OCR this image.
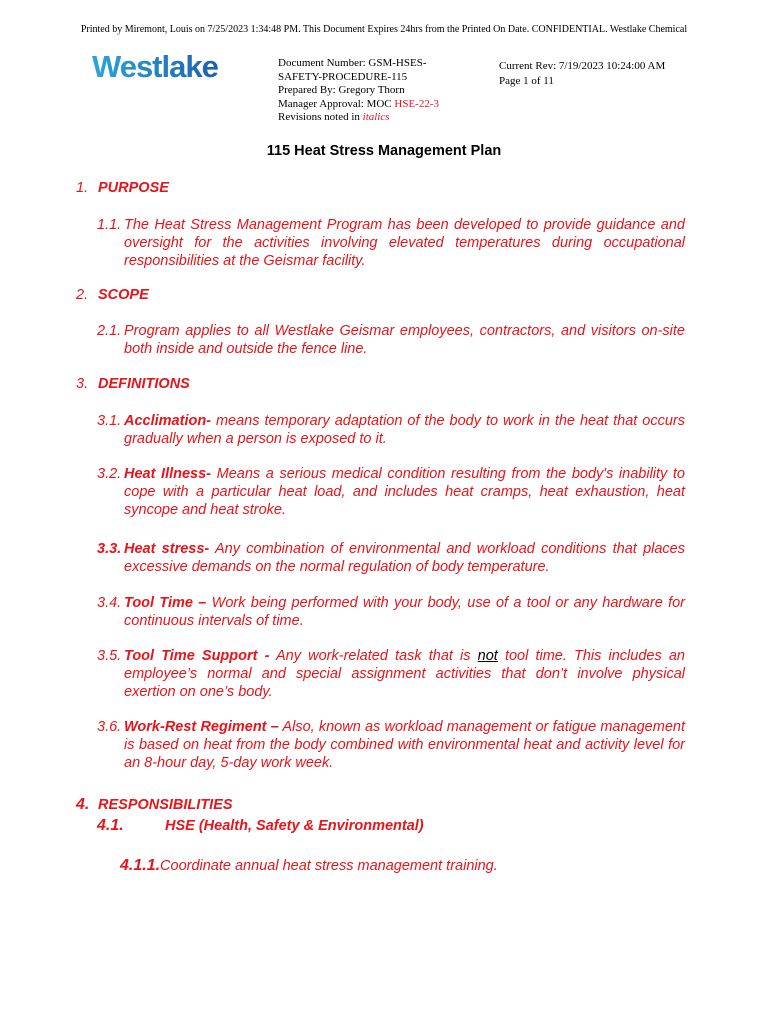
Printed by Miremont, Louis on 7/25/2023 1:34:48 PM. This Document Expires 24hrs from the Printed On Date. CONFIDENTIAL. Westlake Chemical
Westlake	Document Number: GSM-HSES-
SAFETY-PROCEDURE-115
Prepared By: Gregory Thorn
Manager Approval: MOC HSE-22-3
Revisions noted in italics
Current Rev: 7/19/2023 10:24:00 AM
Page 1 of 11
115 Heat Stress Management Plan
1. PURPOSE
1.1. The Heat Stress Management Program has been developed to provide guidance and oversight for the activities involving elevated temperatures during occupational responsibilities at the Geismar facility.
2. SCOPE
2.1. Program applies to all Westlake Geismar employees, contractors, and visitors on-site both inside and outside the fence line.
3. DEFINITIONS
3.1. Acclimation- means temporary adaptation of the body to work in the heat that occurs gradually when a person is exposed to it.
3.2. Heat Illness- Means a serious medical condition resulting from the body's inability to cope with a particular heat load, and includes heat cramps, heat exhaustion, heat syncope and heat stroke.
3.3. Heat stress- Any combination of environmental and workload conditions that places excessive demands on the normal regulation of body temperature.
3.4. Tool Time – Work being performed with your body, use of a tool or any hardware for continuous intervals of time.
3.5. Tool Time Support - Any work-related task that is not tool time. This includes an employee’s normal and special assignment activities that don’t involve physical exertion on one’s body.
3.6. Work-Rest Regiment – Also, known as workload management or fatigue management is based on heat from the body combined with environmental heat and activity level for an 8-hour day, 5-day work week.
4. RESPONSIBILITIES
4.1.	HSE (Health, Safety & Environmental)
4.1.1.Coordinate annual heat stress management training.
